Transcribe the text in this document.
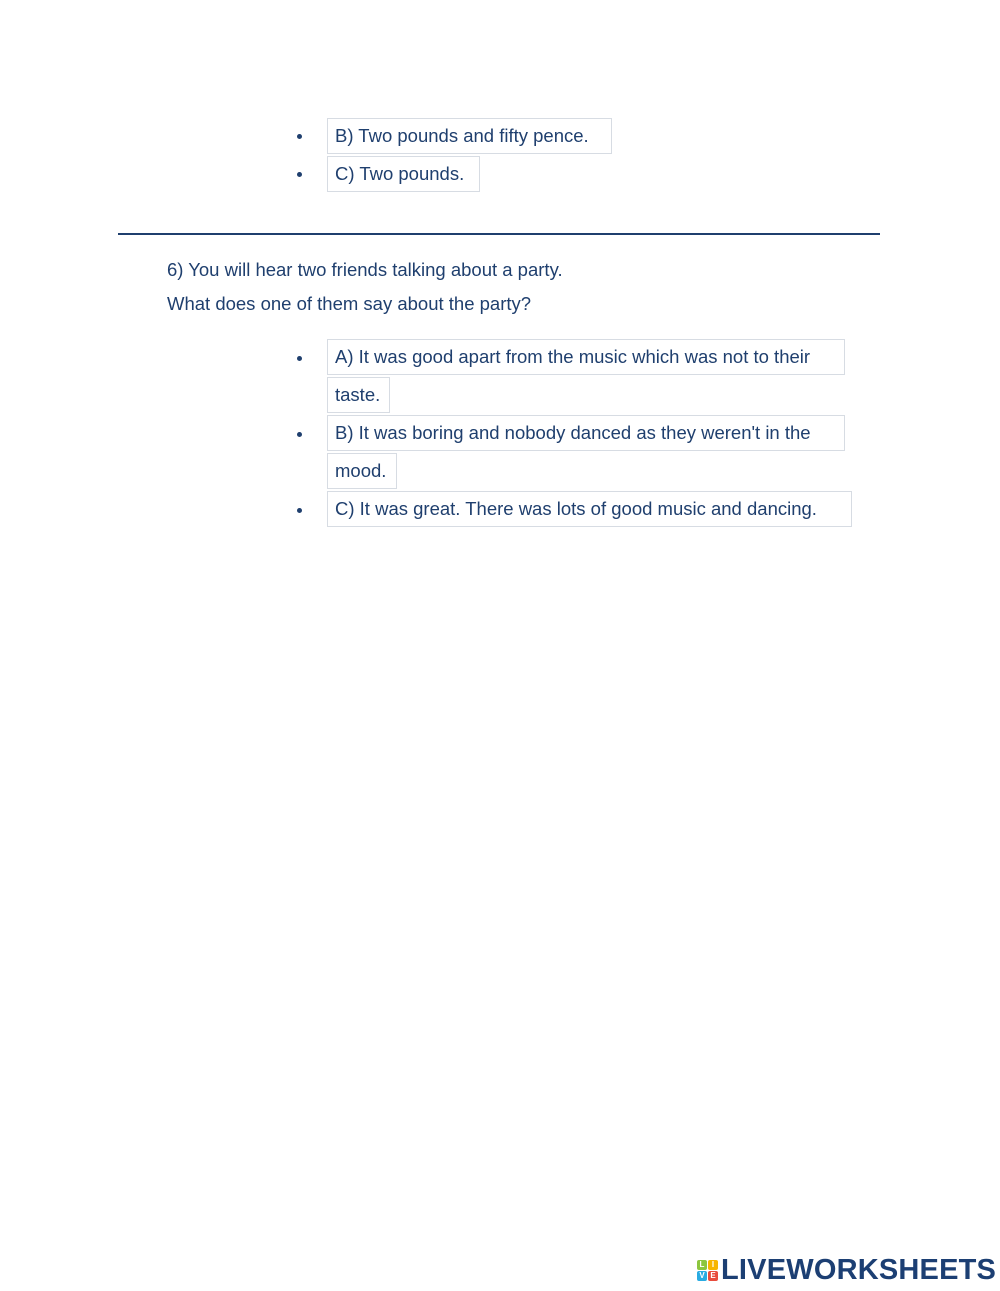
B) Two pounds and fifty pence.
C) Two pounds.
6) You will hear two friends talking about a party.
What does one of them say about the party?
A) It was good apart from the music which was not to their
taste.
B) It was boring and nobody danced as they weren't in the
mood.
C) It was great. There was lots of good music and dancing.
L I
V E LIVEWORKSHEETS
